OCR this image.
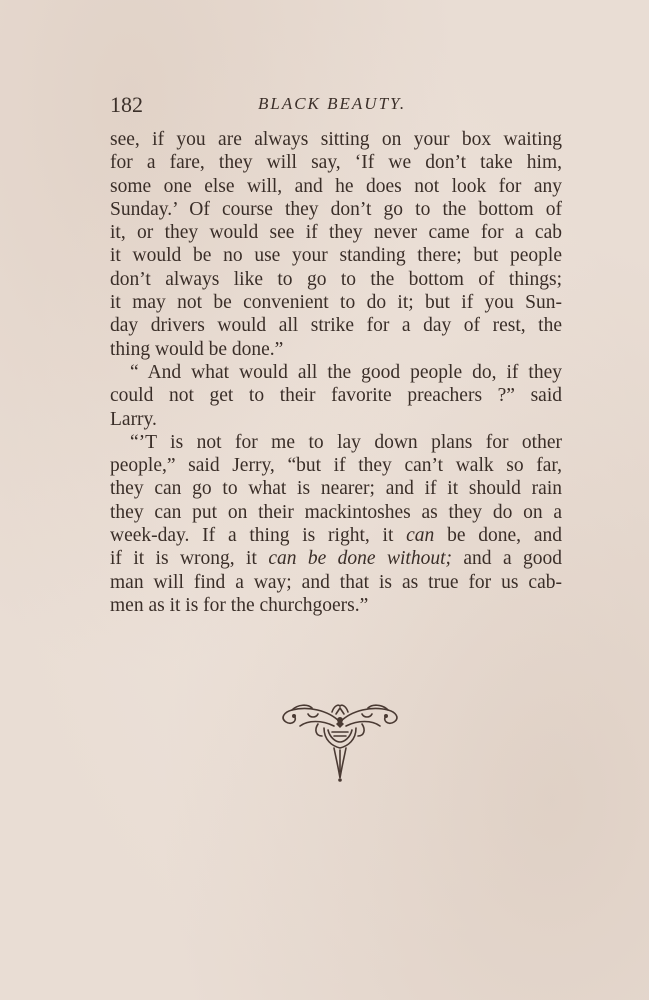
182	BLACK BEAUTY.
see, if you are always sitting on your box waiting
for a fare, they will say, ‘If we don’t take him,
some one else will, and he does not look for any
Sunday.’ Of course they don’t go to the bottom of
it, or they would see if they never came for a cab
it would be no use your standing there; but people
don’t always like to go to the bottom of things;
it may not be convenient to do it; but if you Sun-
day drivers would all strike for a day of rest, the
thing would be done.”
“ And what would all the good people do, if they
could not get to their favorite preachers ?” said
Larry.
“’T is not for me to lay down plans for other
people,” said Jerry, “but if they can’t walk so far,
they can go to what is nearer; and if it should rain
they can put on their mackintoshes as they do on a
week-day. If a thing is right, it can be done, and
if it is wrong, it can be done without; and a good
man will find a way; and that is as true for us cab-
men as it is for the churchgoers.”
